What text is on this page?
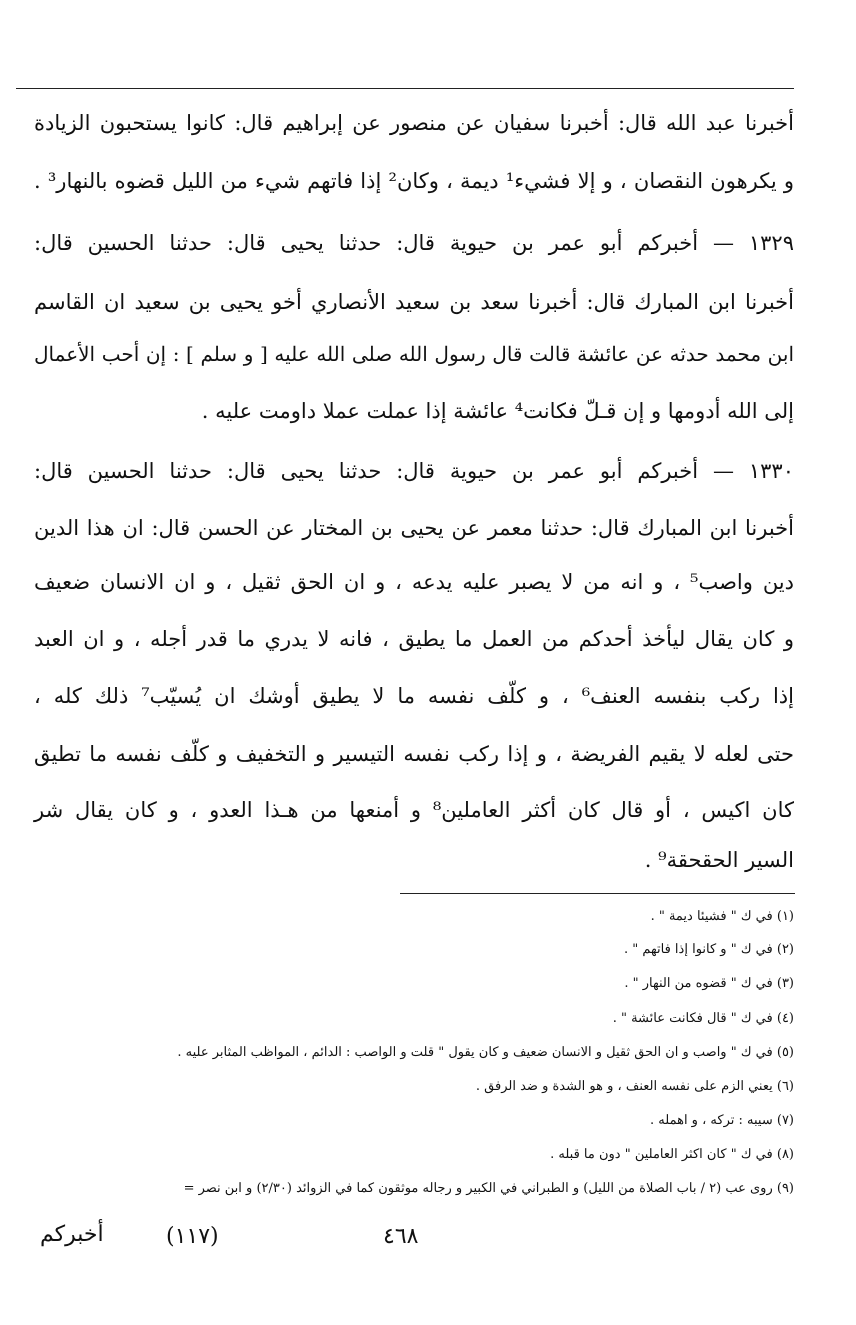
أخبرنا عبد الله قال: أخبرنا سفيان عن منصور عن إبراهيم قال: كانوا يستحبون الزيادة
و يكرهون النقصان ، و إلا فشيء¹ ديمة ، وكان² إذا فاتهم شيء من الليل قضوه بالنهار³ .
١٣٢٩ — أخبركم أبو عمر بن حيوية قال: حدثنا يحيى قال: حدثنا الحسين قال:
أخبرنا ابن المبارك قال: أخبرنا سعد بن سعيد الأنصاري أخو يحيى بن سعيد ان القاسم
ابن محمد حدثه عن عائشة قالت قال رسول الله صلى الله عليه [ و سلم ] : إن أحب الأعمال
إلى الله أدومها و إن قـلّ فكانت⁴ عائشة إذا عملت عملا داومت عليه .
١٣٣٠ — أخبركم أبو عمر بن حيوية قال: حدثنا يحيى قال: حدثنا الحسين قال:
أخبرنا ابن المبارك قال: حدثنا معمر عن يحيى بن المختار عن الحسن قال: ان هذا الدين
دين واصب⁵ ، و انه من لا يصبر عليه يدعه ، و ان الحق ثقيل ، و ان الانسان ضعيف
و كان يقال ليأخذ أحدكم من العمل ما يطيق ، فانه لا يدري ما قدر أجله ، و ان العبد
إذا ركب بنفسه العنف⁶ ، و كلّف نفسه ما لا يطيق أوشك ان يُسيّب⁷ ذلك كله ،
حتى لعله لا يقيم الفريضة ، و إذا ركب نفسه التيسير و التخفيف و كلّف نفسه ما تطيق
كان اكيس ، أو قال كان أكثر العاملين⁸ و أمنعها من هـذا العدو ، و كان يقال شر
السير الحقحقة⁹ .
(١) في ك " فشيئا ديمة " .
(٢) في ك " و كانوا إذا فاتهم " .
(٣) في ك " قضوه من النهار " .
(٤) في ك " قال فكانت عائشة " .
(٥) في ك " واصب و ان الحق ثقيل و الانسان ضعيف و كان يقول " قلت و الواصب : الدائم ، المواظب المثابر عليه .
(٦) يعني الزم على نفسه العنف ، و هو الشدة و ضد الرفق .
(٧) سيبه : تركه ، و اهمله .
(٨) في ك " كان اكثر العاملين " دون ما قبله .
(٩) روى عب (٢ / باب الصلاة من الليل) و الطبراني في الكبير و رجاله موثقون كما في الزوائد (٢/٣٠) و ابن نصر =
أخبركم	(١١٧)	٤٦٨
